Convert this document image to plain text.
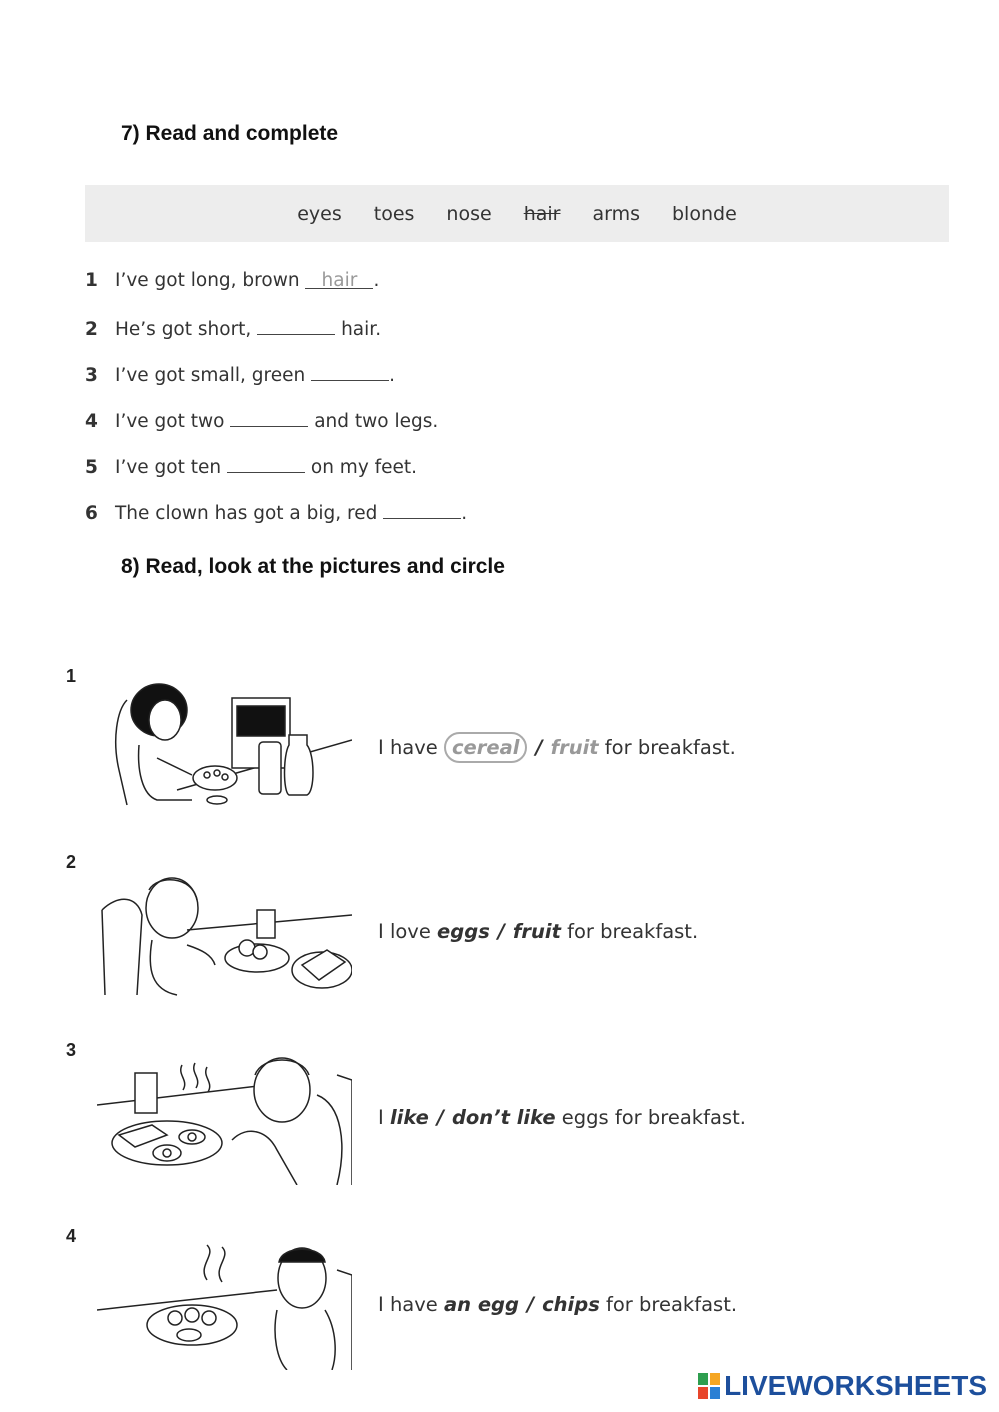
7) Read and complete
eyes toes nose hair arms blonde
1 I’ve got long, brown hair .
2 He’s got short,	hair.
3 I’ve got small, green	.
4 I’ve got two	and two legs.
5 I’ve got ten	on my feet.
6 The clown has got a big, red	.
8) Read, look at the pictures and circle
1
I have cereal / fruit for breakfast.
2
I love eggs / fruit for breakfast.
3
I like / don’t like eggs for breakfast.
4
I have an egg / chips for breakfast.
LIVEWORKSHEETS
